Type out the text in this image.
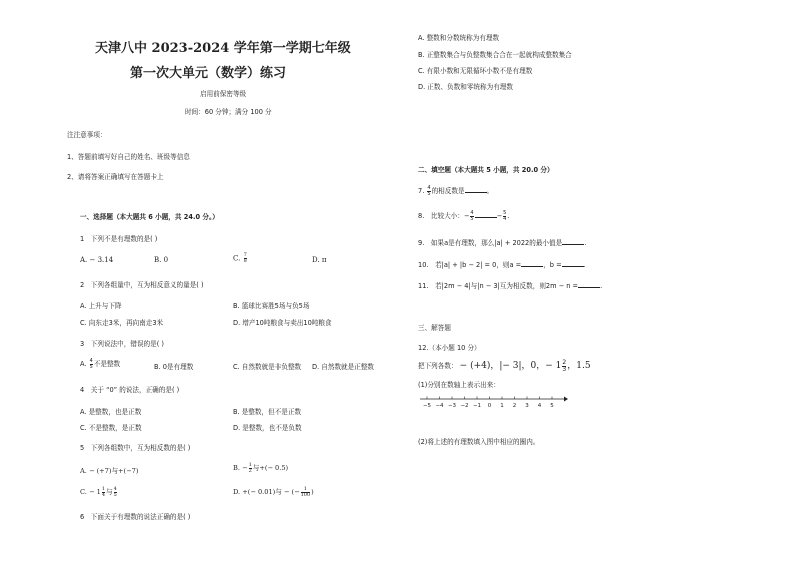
天津八中 2023-2024 学年第一学期七年级
第一次大单元（数学）练习
启用前保密等级
时间：60 分钟；满分 100 分
注注意事项：
1、答题前填写好自己的姓名、班级等信息
2、请将答案正确填写在答题卡上
一、选择题（本大题共 6 小题，共 24.0 分。）
1　下列不是有理数的是( )
A. − 3.14	B. 0	C. $\frac{7}{8}$	D. π
2　下列各组量中，互为相反意义的量是( )
A. 上升与下降	B. 篮球比赛胜5场与负5场
C. 向东走3米，再向南走3米	D. 增产10吨粮食与卖出10吨粮食
3　下列说法中，错误的是( )
A. $\frac{4}{5}$ 不是整数	B. 0是有理数	C. 自然数就是非负整数 D. 自然数就是正整数
4　关于 “0” 的说法，正确的是( )
A. 是整数，也是正数	B. 是整数，但不是正数
C. 不是整数，是正数	D. 是整数，也不是负数
5　下列各组数中，互为相反数的是( )
A. − (+7)与+(−7)	B. − $\frac{1}{2}$ 与+(− 0.5)
C. − $1 \frac{1}{4}$ 与 $\frac{4}{5}$	D. +(− 0.01)与 − (− $\frac{1}{100}$ )
6　下面关于有理数的说法正确的是( )
A. 整数和分数统称为有理数
B. 正整数集合与负整数集合合在一起就构成整数集合
C. 有限小数和无限循环小数不是有理数
D. 正数、负数和零统称为有理数
二、填空题（本大题共 5 小题，共 20.0 分）
7. $\frac{4}{5}$ 的相反数是	。
8.　比较大小：− $\frac{4}{5}$	− $\frac{5}{4}$ .
9.　如果a是有理数，那么|a| + 2022的最小值是	.
10.　若|a| + |b − 2| = 0，则a =	，b =	.
11.　若|2m − 4|与|n − 3|互为相反数，则2m − n =	.
三、解答题
12.（本小题 10 分）
把下列各数： − (+4)，|− 3|，0，− $1 \frac{2}{3}$ ，1.5
(1)分别在数轴上表示出来：
−5 −4 −3 −2 −1 0 1 2 3 4 5
(2)将上述的有理数填入图中相应的圈内。
